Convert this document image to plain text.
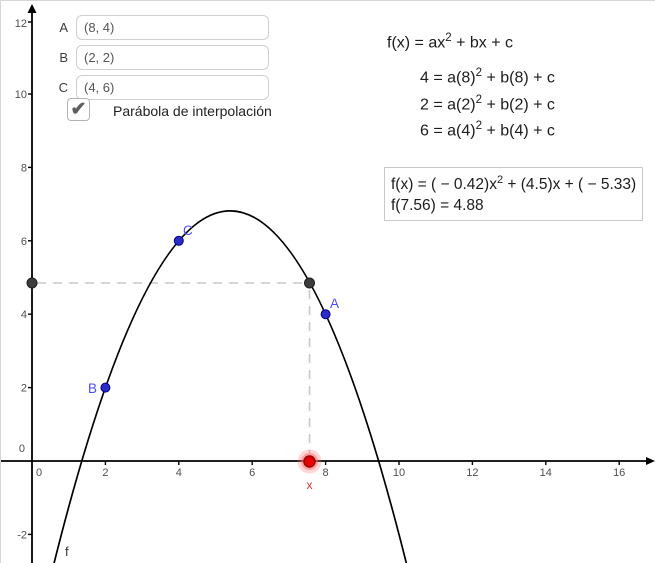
0	2	4	6	8	10	12	14	16
12
10
8
6
4
2
-2
0
f
A
B
C
x
A
(8, 4)
B
(2, 2)
C
(4, 6)
✔ Parábola de interpolación
$f(x) = ax^2$ + bx + c
$4 = a(8)^2 + b(8) + c$
$2 = a(2)^2 + b(2) + c$
$6 = a(4)^2 + b(4) + c$
f(x) = ( − $0.42)x^2 + (4.5)x$ + ( − 5.33)
f(7.56) = 4.88
